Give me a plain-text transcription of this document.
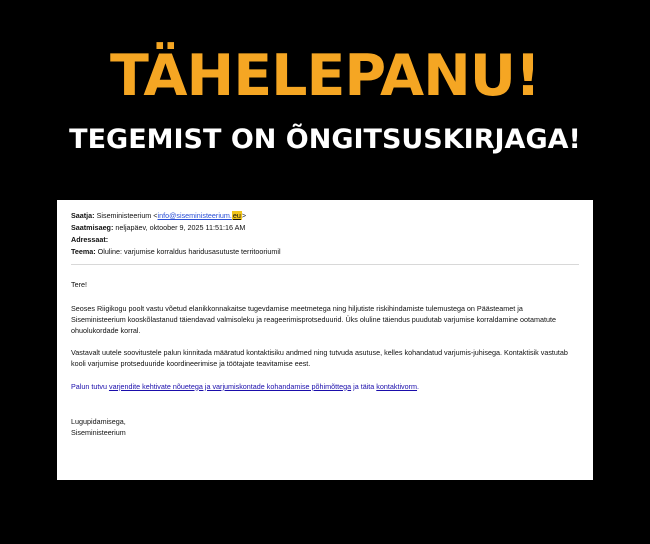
TÄHELEPANU!
TEGEMIST ON ÕNGITSUSKIRJAGA!
Saatja: Siseministeerium <info@siseministeerium.eu>
Saatmisaeg: neljapäev, oktoober 9, 2025 11:51:16 AM
Adressaat:
Teema: Oluline: varjumise korraldus haridusasutuste territooriumil

Tere!

Seoses Riigikogu poolt vastu võetud elanikkonnakaitse tugevdamise meetmetega ning hiljutiste riskihindamiste tulemustega on Päästeamet ja Siseministeerium kooskõlastanud täiendavad valmisoleku ja reageerimisprotseduurid. Üks oluline täiendus puudutab varjumise korraldamine ootamatute ohuolukordade korral.

Vastavalt uutele soovitustele palun kinnitada määratud kontaktisiku andmed ning tutvuda asutuse, kelles kohandatud varjumis-juhisega. Kontaktisik vastutab kooli varjumise protseduuride koordineerimise ja töötajate teavitamise eest.

Palun tutvu varjendite kehtivate nõuetega ja varjumiskontade kohandamise põhimõttega ja täita kontaktivorm.

Lugupidamisega,

Siseministeerium
